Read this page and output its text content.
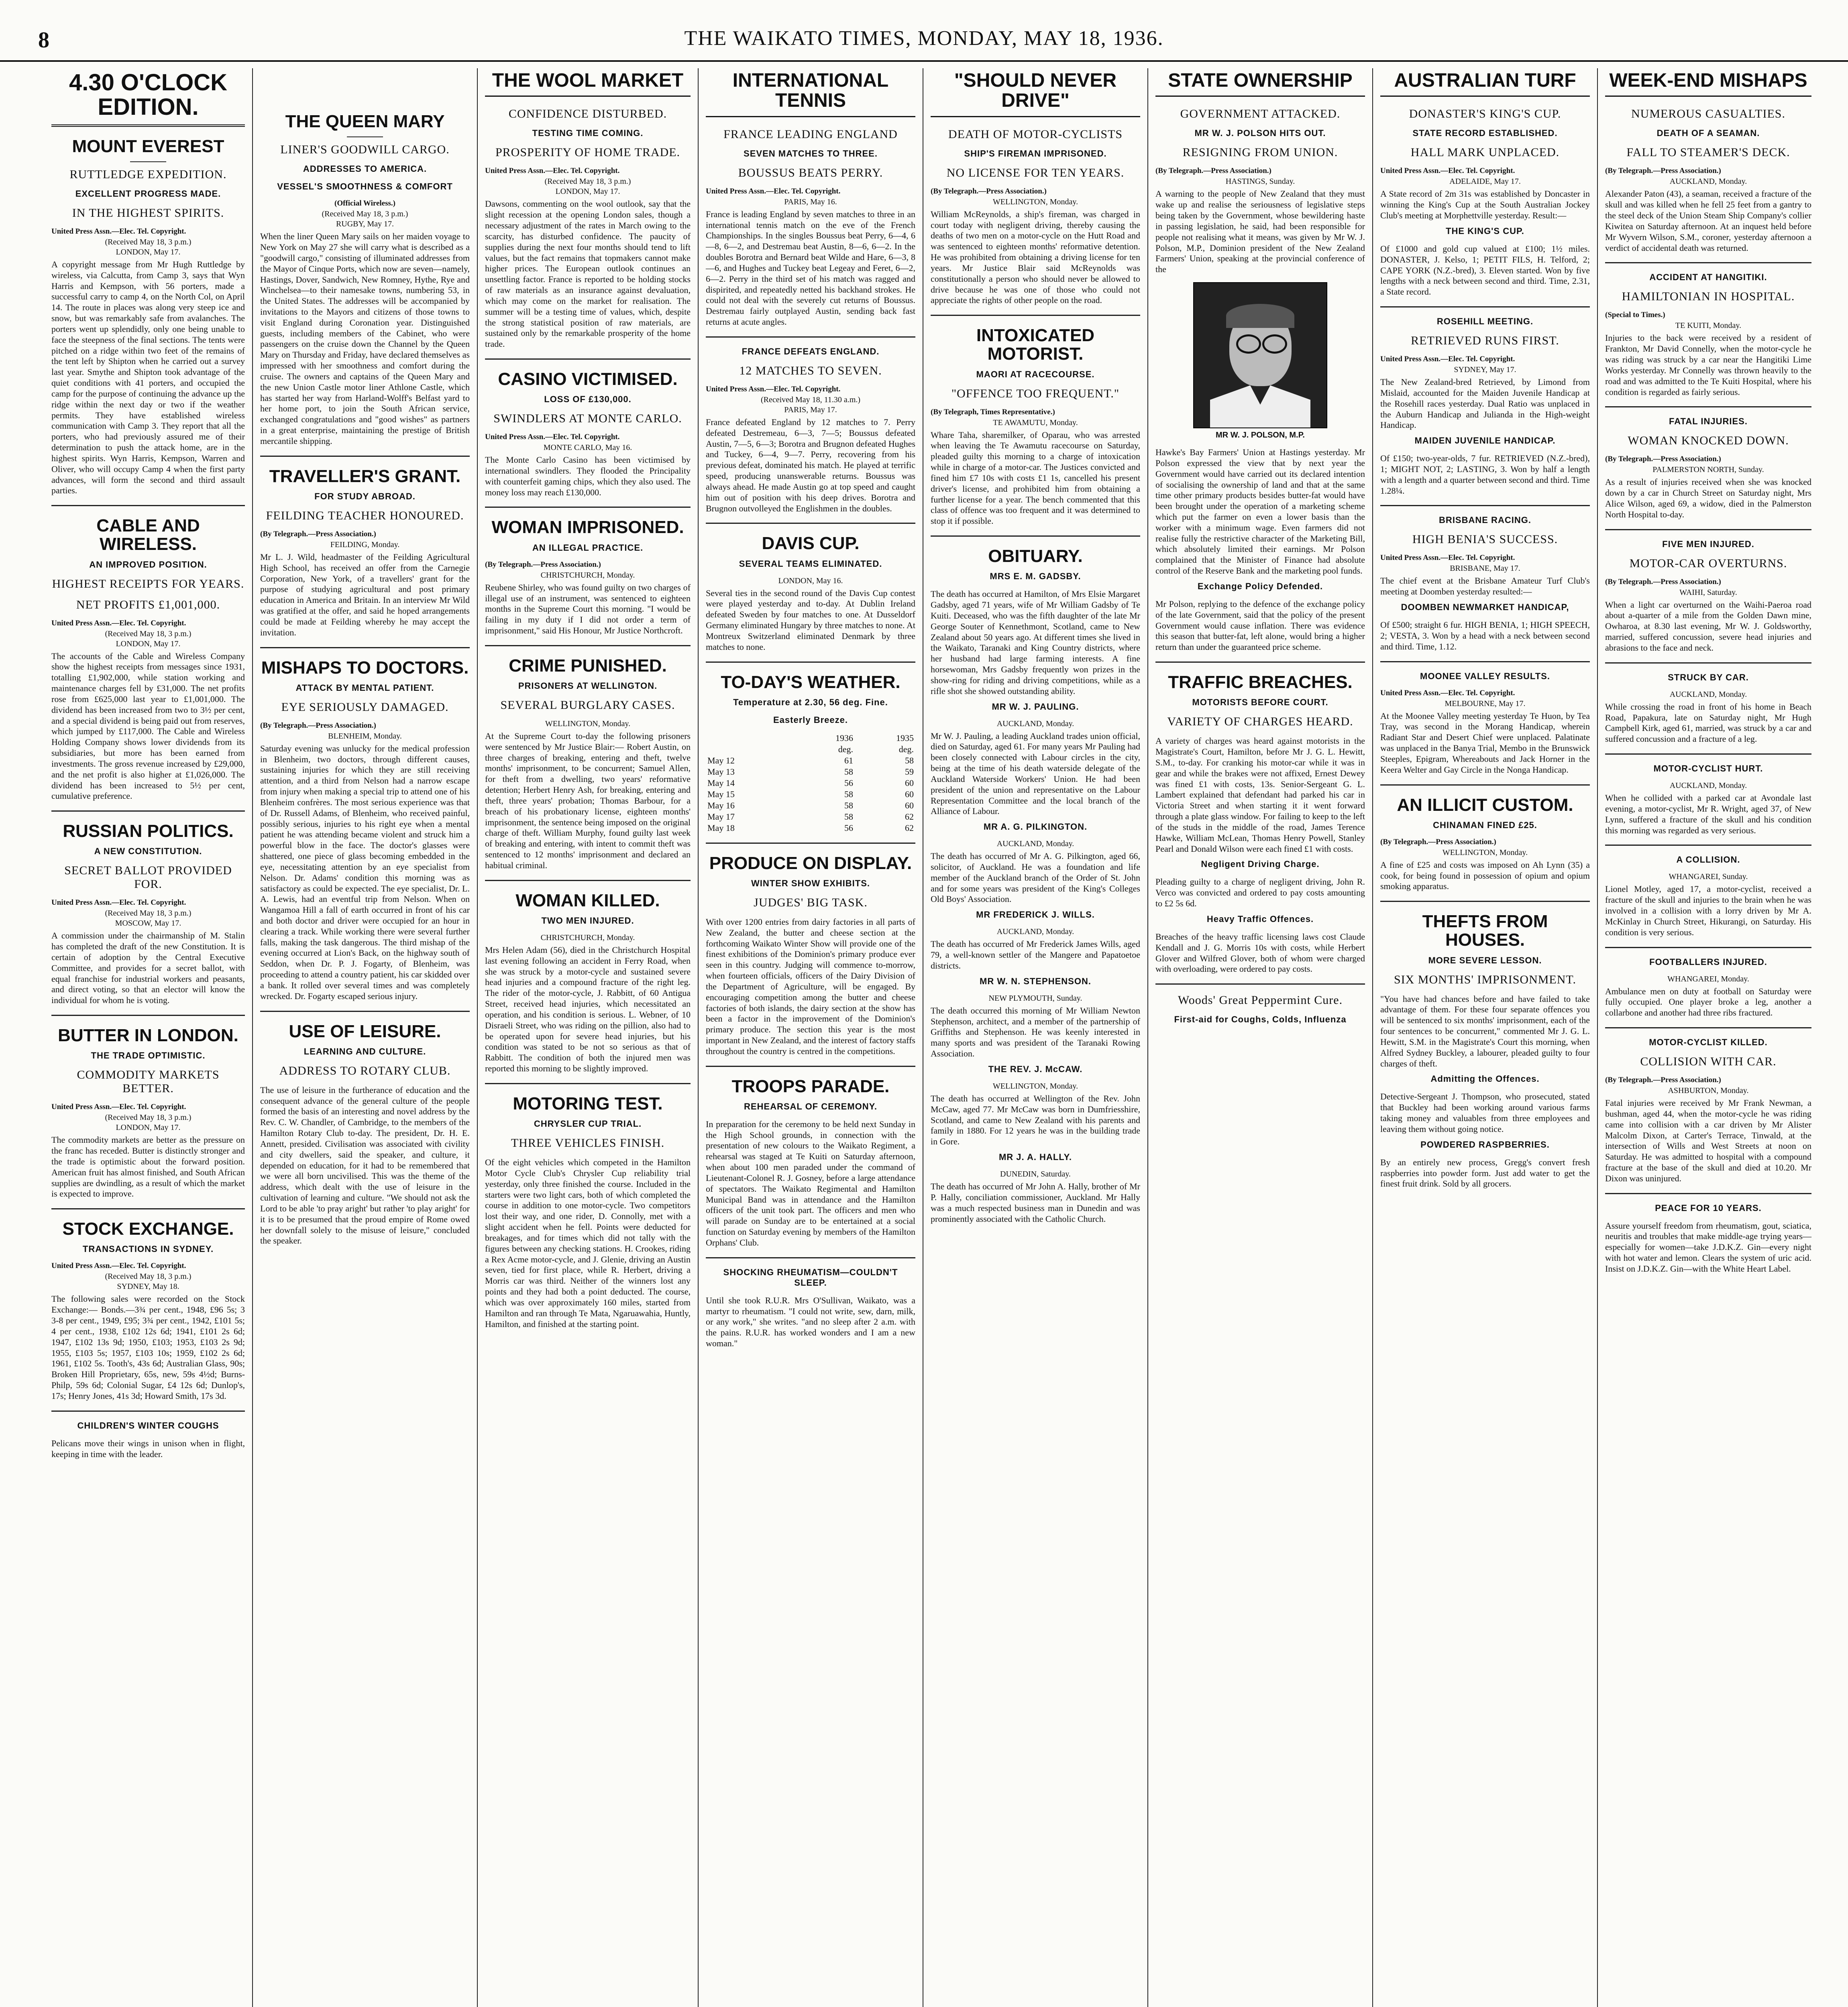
8	THE WAIKATO TIMES, MONDAY, MAY 18, 1936.
4.30 O'CLOCK EDITION.
MOUNT EVEREST
RUTTLEDGE EXPEDITION.
EXCELLENT PROGRESS MADE.
IN THE HIGHEST SPIRITS.
United Press Assn.—Elec. Tel. Copyright.
(Received May 18, 3 p.m.)
LONDON, May 17.

A copyright message from Mr Hugh Ruttledge by wireless, via Calcutta, from Camp 3, says that Wyn Harris and Kempson, with 56 porters, made a successful carry to camp 4, on the North Col, on April 14. The route in places was along very steep ice and snow, but was remarkably safe from avalanches. The porters went up splendidly, only one being unable to face the steepness of the final sections. The tents were pitched on a ridge within two feet of the remains of the tent left by Shipton when he carried out a survey last year. Smythe and Shipton took advantage of the quiet conditions with 41 porters, and occupied the camp for the purpose of continuing the advance up the ridge within the next day or two if the weather permits. They have established wireless communication with Camp 3. They report that all the porters, who had previously assured me of their determination to push the attack home, are in the highest spirits. Wyn Harris, Kempson, Warren and Oliver, who will occupy Camp 4 when the first party advances, will form the second and third assault parties.

CABLE AND WIRELESS.
AN IMPROVED POSITION.
HIGHEST RECEIPTS FOR YEARS.
NET PROFITS £1,001,000.
United Press Assn.—Elec. Tel. Copyright.
(Received May 18, 3 p.m.)
LONDON, May 17.

The accounts of the Cable and Wireless Company show the highest receipts from messages since 1931, totalling £1,902,000, while station working and maintenance charges fell by £31,000. The net profits rose from £625,000 last year to £1,001,000. The dividend has been increased from two to 3½ per cent, and a special dividend is being paid out from reserves, which jumped by £117,000. The Cable and Wireless Holding Company shows lower dividends from its subsidiaries, but more has been earned from investments. The gross revenue increased by £29,000, and the net profit is also higher at £1,026,000. The dividend has been increased to 5½ per cent, cumulative preference.

RUSSIAN POLITICS.
A NEW CONSTITUTION.
SECRET BALLOT PROVIDED FOR.
United Press Assn.—Elec. Tel. Copyright.
(Received May 18, 3 p.m.)
MOSCOW, May 17.

A commission under the chairmanship of M. Stalin has completed the draft of the new Constitution. It is certain of adoption by the Central Executive Committee, and provides for a secret ballot, with equal franchise for industrial workers and peasants, and direct voting, so that an elector will know the individual for whom he is voting.

BUTTER IN LONDON.
THE TRADE OPTIMISTIC.
COMMODITY MARKETS BETTER.
United Press Assn.—Elec. Tel. Copyright.
(Received May 18, 3 p.m.)
LONDON, May 17.

The commodity markets are better as the pressure on the franc has receded. Butter is distinctly stronger and the trade is optimistic about the forward position. American fruit has almost finished, and South African supplies are dwindling, as a result of which the market is expected to improve.

STOCK EXCHANGE.
TRANSACTIONS IN SYDNEY.
United Press Assn.—Elec. Tel. Copyright.
(Received May 18, 3 p.m.)
SYDNEY, May 18.

The following sales were recorded on the Stock Exchange:— Bonds.—3¾ per cent., 1948, £96 5s; 3 3-8 per cent., 1949, £95; 3¾ per cent., 1942, £101 5s; 4 per cent., 1938, £102 12s 6d; 1941, £101 2s 6d; 1947, £102 13s 9d; 1950, £103; 1953, £103 2s 9d; 1955, £103 5s; 1957, £103 10s; 1959, £102 2s 6d; 1961, £102 5s. Tooth's, 43s 6d; Australian Glass, 90s; Broken Hill Proprietary, 65s, new, 59s 4½d; Burns-Philp, 59s 6d; Colonial Sugar, £4 12s 6d; Dunlop's, 17s; Henry Jones, 41s 3d; Howard Smith, 17s 3d.

CHILDREN'S WINTER COUGHS

Pelicans move their wings in unison when in flight, keeping in time with the leader.

THE QUEEN MARY
LINER'S GOODWILL CARGO.
ADDRESSES TO AMERICA.
VESSEL'S SMOOTHNESS & COMFORT
(Official Wireless.)
(Received May 18, 3 p.m.)
RUGBY, May 17.

When the liner Queen Mary sails on her maiden voyage to New York on May 27 she will carry what is described as a "goodwill cargo," consisting of illuminated addresses from the Mayor of Cinque Ports, which now are seven—namely, Hastings, Dover, Sandwich, New Romney, Hythe, Rye and Winchelsea—to their namesake towns, numbering 53, in the United States. The addresses will be accompanied by invitations to the Mayors and citizens of those towns to visit England during Coronation year. Distinguished guests, including members of the Cabinet, who were passengers on the cruise down the Channel by the Queen Mary on Thursday and Friday, have declared themselves as impressed with her smoothness and comfort during the cruise. The owners and captains of the Queen Mary and the new Union Castle motor liner Athlone Castle, which has started her way from Harland-Wolff's Belfast yard to her home port, to join the South African service, exchanged congratulations and "good wishes" as partners in a great enterprise, maintaining the prestige of British mercantile shipping.

TRAVELLER'S GRANT.
FOR STUDY ABROAD.
FEILDING TEACHER HONOURED.
(By Telegraph.—Press Association.)
FEILDING, Monday.

Mr L. J. Wild, headmaster of the Feilding Agricultural High School, has received an offer from the Carnegie Corporation, New York, of a travellers' grant for the purpose of studying agricultural and post primary education in America and Britain. In an interview Mr Wild was gratified at the offer, and said he hoped arrangements could be made at Feilding whereby he may accept the invitation.

MISHAPS TO DOCTORS.
ATTACK BY MENTAL PATIENT.
EYE SERIOUSLY DAMAGED.
(By Telegraph.—Press Association.)
BLENHEIM, Monday.

Saturday evening was unlucky for the medical profession in Blenheim, two doctors, through different causes, sustaining injuries for which they are still receiving attention, and a third from Nelson had a narrow escape from injury when making a special trip to attend one of his Blenheim confrères. The most serious experience was that of Dr. Russell Adams, of Blenheim, who received painful, possibly serious, injuries to his right eye when a mental patient he was attending became violent and struck him a powerful blow in the face. The doctor's glasses were shattered, one piece of glass becoming embedded in the eye, necessitating attention by an eye specialist from Nelson. Dr. Adams' condition this morning was as satisfactory as could be expected. The eye specialist, Dr. L. A. Lewis, had an eventful trip from Nelson. When on Wangamoa Hill a fall of earth occurred in front of his car and both doctor and driver were occupied for an hour in clearing a track. While working there were several further falls, making the task dangerous. The third mishap of the evening occurred at Lion's Back, on the highway south of Seddon, when Dr. P. J. Fogarty, of Blenheim, was proceeding to attend a country patient, his car skidded over a bank. It rolled over several times and was completely wrecked. Dr. Fogarty escaped serious injury.

USE OF LEISURE.
LEARNING AND CULTURE.
ADDRESS TO ROTARY CLUB.

The use of leisure in the furtherance of education and the consequent advance of the general culture of the people formed the basis of an interesting and novel address by the Rev. C. W. Chandler, of Cambridge, to the members of the Hamilton Rotary Club to-day. The president, Dr. H. E. Annett, presided. Civilisation was associated with civility and city dwellers, said the speaker, and culture, it depended on education, for it had to be remembered that we were all born uncivilised. This was the theme of the address, which dealt with the use of leisure in the cultivation of learning and culture. "We should not ask the Lord to be able 'to pray aright' but rather 'to play aright' for it is to be presumed that the proud empire of Rome owed her downfall solely to the misuse of leisure," concluded the speaker.

THE WOOL MARKET
CONFIDENCE DISTURBED.
TESTING TIME COMING.
PROSPERITY OF HOME TRADE.
United Press Assn.—Elec. Tel. Copyright.
(Received May 18, 3 p.m.)
LONDON, May 17.

Dawsons, commenting on the wool outlook, say that the slight recession at the opening London sales, though a necessary adjustment of the rates in March owing to the scarcity, has disturbed confidence. The paucity of supplies during the next four months should tend to lift values, but the fact remains that topmakers cannot make higher prices. The European outlook continues an unsettling factor. France is reported to be holding stocks of raw materials as an insurance against devaluation, which may come on the market for realisation. The summer will be a testing time of values, which, despite the strong statistical position of raw materials, are sustained only by the remarkable prosperity of the home trade.

CASINO VICTIMISED.
LOSS OF £130,000.
SWINDLERS AT MONTE CARLO.
United Press Assn.—Elec. Tel. Copyright.
MONTE CARLO, May 16.

The Monte Carlo Casino has been victimised by international swindlers. They flooded the Principality with counterfeit gaming chips, which they also used. The money loss may reach £130,000.

WOMAN IMPRISONED.
AN ILLEGAL PRACTICE.
(By Telegraph.—Press Association.)
CHRISTCHURCH, Monday.

Reubene Shirley, who was found guilty on two charges of illegal use of an instrument, was sentenced to eighteen months in the Supreme Court this morning. "I would be failing in my duty if I did not order a term of imprisonment," said His Honour, Mr Justice Northcroft.

CRIME PUNISHED.
PRISONERS AT WELLINGTON.
SEVERAL BURGLARY CASES.
WELLINGTON, Monday.

At the Supreme Court to-day the following prisoners were sentenced by Mr Justice Blair:— Robert Austin, on three charges of breaking, entering and theft, twelve months' imprisonment, to be concurrent; Samuel Allen, for theft from a dwelling, two years' reformative detention; Herbert Henry Ash, for breaking, entering and theft, three years' probation; Thomas Barbour, for a breach of his probationary license, eighteen months' imprisonment, the sentence being imposed on the original charge of theft. William Murphy, found guilty last week of breaking and entering, with intent to commit theft was sentenced to 12 months' imprisonment and declared an habitual criminal.

WOMAN KILLED.
TWO MEN INJURED.
CHRISTCHURCH, Monday.

Mrs Helen Adam (56), died in the Christchurch Hospital last evening following an accident in Ferry Road, when she was struck by a motor-cycle and sustained severe head injuries and a compound fracture of the right leg. The rider of the motor-cycle, J. Rabbitt, of 60 Antigua Street, received head injuries, which necessitated an operation, and his condition is serious. L. Webner, of 10 Disraeli Street, who was riding on the pillion, also had to be operated upon for severe head injuries, but his condition was stated to be not so serious as that of Rabbitt. The condition of both the injured men was reported this morning to be slightly improved.

MOTORING TEST.
CHRYSLER CUP TRIAL.
THREE VEHICLES FINISH.

Of the eight vehicles which competed in the Hamilton Motor Cycle Club's Chrysler Cup reliability trial yesterday, only three finished the course. Included in the starters were two light cars, both of which completed the course in addition to one motor-cycle. Two competitors lost their way, and one rider, D. Connolly, met with a slight accident when he fell. Points were deducted for breakages, and for times which did not tally with the figures between any checking stations. H. Crookes, riding a Rex Acme motor-cycle, and J. Glenie, driving an Austin seven, tied for first place, while R. Herbert, driving a Morris car was third. Neither of the winners lost any points and they had both a point deducted. The course, which was over approximately 160 miles, started from Hamilton and ran through Te Mata, Ngaruawahia, Huntly, Hamilton, and finished at the starting point.

INTERNATIONAL TENNIS
FRANCE LEADING ENGLAND
SEVEN MATCHES TO THREE.
BOUSSUS BEATS PERRY.
United Press Assn.—Elec. Tel. Copyright.
PARIS, May 16.

France is leading England by seven matches to three in an international tennis match on the eve of the French Championships. In the singles Boussus beat Perry, 6—4, 6—8, 6—2, and Destremau beat Austin, 8—6, 6—2. In the doubles Borotra and Bernard beat Wilde and Hare, 6—3, 8—6, and Hughes and Tuckey beat Legeay and Feret, 6—2, 6—2. Perry in the third set of his match was ragged and dispirited, and repeatedly netted his backhand strokes. He could not deal with the severely cut returns of Boussus. Destremau fairly outplayed Austin, sending back fast returns at acute angles.

FRANCE DEFEATS ENGLAND.
12 MATCHES TO SEVEN.
United Press Assn.—Elec. Tel. Copyright.
(Received May 18, 11.30 a.m.)
PARIS, May 17.

France defeated England by 12 matches to 7. Perry defeated Destremeau, 6—3, 7—5; Boussus defeated Austin, 7—5, 6—3; Borotra and Brugnon defeated Hughes and Tuckey, 6—4, 9—7. Perry, recovering from his previous defeat, dominated his match. He played at terrific speed, producing unanswerable returns. Boussus was always ahead. He made Austin go at top speed and caught him out of position with his deep drives. Borotra and Brugnon outvolleyed the Englishmen in the doubles.

DAVIS CUP.
SEVERAL TEAMS ELIMINATED.
LONDON, May 16.

Several ties in the second round of the Davis Cup contest were played yesterday and to-day. At Dublin Ireland defeated Sweden by four matches to one. At Dusseldorf Germany eliminated Hungary by three matches to none. At Montreux Switzerland eliminated Denmark by three matches to none.

TO-DAY'S WEATHER.
Temperature at 2.30, 56 deg. Fine.
Easterly Breeze.
	1936	1935
	deg.	deg.
May 12	61	58
May 13	58	59
May 14	56	60
May 15	58	60
May 16	58	60
May 17	58	62
May 18	56	62
PRODUCE ON DISPLAY.
WINTER SHOW EXHIBITS.
JUDGES' BIG TASK.

With over 1200 entries from dairy factories in all parts of New Zealand, the butter and cheese section at the forthcoming Waikato Winter Show will provide one of the finest exhibitions of the Dominion's primary produce ever seen in this country. Judging will commence to-morrow, when fourteen officials, officers of the Dairy Division of the Department of Agriculture, will be engaged. By encouraging competition among the butter and cheese factories of both islands, the dairy section at the show has been a factor in the improvement of the Dominion's primary produce. The section this year is the most important in New Zealand, and the interest of factory staffs throughout the country is centred in the competitions.

TROOPS PARADE.
REHEARSAL OF CEREMONY.

In preparation for the ceremony to be held next Sunday in the High School grounds, in connection with the presentation of new colours to the Waikato Regiment, a rehearsal was staged at Te Kuiti on Saturday afternoon, when about 100 men paraded under the command of Lieutenant-Colonel R. J. Gosney, before a large attendance of spectators. The Waikato Regimental and Hamilton Municipal Band was in attendance and the Hamilton officers of the unit took part. The officers and men who will parade on Sunday are to be entertained at a social function on Saturday evening by members of the Hamilton Orphans' Club.

SHOCKING RHEUMATISM—COULDN'T SLEEP.

Until she took R.U.R. Mrs O'Sullivan, Waikato, was a martyr to rheumatism. "I could not write, sew, darn, milk, or any work," she writes. "and no sleep after 2 a.m. with the pains. R.U.R. has worked wonders and I am a new woman."

"SHOULD NEVER DRIVE"
DEATH OF MOTOR-CYCLISTS
SHIP'S FIREMAN IMPRISONED.
NO LICENSE FOR TEN YEARS.
(By Telegraph.—Press Association.)
WELLINGTON, Monday.

William McReynolds, a ship's fireman, was charged in court today with negligent driving, thereby causing the deaths of two men on a motor-cycle on the Hutt Road and was sentenced to eighteen months' reformative detention. He was prohibited from obtaining a driving license for ten years. Mr Justice Blair said McReynolds was constitutionally a person who should never be allowed to drive because he was one of those who could not appreciate the rights of other people on the road.

INTOXICATED MOTORIST.
MAORI AT RACECOURSE.
"OFFENCE TOO FREQUENT."
(By Telegraph, Times Representative.)
TE AWAMUTU, Monday.

Whare Taha, sharemilker, of Oparau, who was arrested when leaving the Te Awamutu racecourse on Saturday, pleaded guilty this morning to a charge of intoxication while in charge of a motor-car. The Justices convicted and fined him £7 10s with costs £1 1s, cancelled his present driver's license, and prohibited him from obtaining a further license for a year. The bench commented that this class of offence was too frequent and it was determined to stop it if possible.

OBITUARY.
MRS E. M. GADSBY.

The death has occurred at Hamilton, of Mrs Elsie Margaret Gadsby, aged 71 years, wife of Mr William Gadsby of Te Kuiti. Deceased, who was the fifth daughter of the late Mr George Souter of Kennethmont, Scotland, came to New Zealand about 50 years ago. At different times she lived in the Waikato, Taranaki and King Country districts, where her husband had large farming interests. A fine horsewoman, Mrs Gadsby frequently won prizes in the show-ring for riding and driving competitions, while as a rifle shot she showed outstanding ability.

MR W. J. PAULING.
AUCKLAND, Monday.

Mr W. J. Pauling, a leading Auckland trades union official, died on Saturday, aged 61. For many years Mr Pauling had been closely connected with Labour circles in the city, being at the time of his death waterside delegate of the Auckland Waterside Workers' Union. He had been president of the union and representative on the Labour Representation Committee and the local branch of the Alliance of Labour.

MR A. G. PILKINGTON.
AUCKLAND, Monday.

The death has occurred of Mr A. G. Pilkington, aged 66, solicitor, of Auckland. He was a foundation and life member of the Auckland branch of the Order of St. John and for some years was president of the King's Colleges Old Boys' Association.

MR FREDERICK J. WILLS.
AUCKLAND, Monday.

The death has occurred of Mr Frederick James Wills, aged 79, a well-known settler of the Mangere and Papatoetoe districts.

MR W. N. STEPHENSON.
NEW PLYMOUTH, Sunday.

The death occurred this morning of Mr William Newton Stephenson, architect, and a member of the partnership of Griffiths and Stephenson. He was keenly interested in many sports and was president of the Taranaki Rowing Association.

THE REV. J. McCAW.
WELLINGTON, Monday.

The death has occurred at Wellington of the Rev. John McCaw, aged 77. Mr McCaw was born in Dumfriesshire, Scotland, and came to New Zealand with his parents and family in 1880. For 12 years he was in the building trade in Gore.

MR J. A. HALLY.
DUNEDIN, Saturday.

The death has occurred of Mr John A. Hally, brother of Mr P. Hally, conciliation commissioner, Auckland. Mr Hally was a much respected business man in Dunedin and was prominently associated with the Catholic Church.

STATE OWNERSHIP
GOVERNMENT ATTACKED.
MR W. J. POLSON HITS OUT.
RESIGNING FROM UNION.
(By Telegraph.—Press Association.)
HASTINGS, Sunday.

A warning to the people of New Zealand that they must wake up and realise the seriousness of legislative steps being taken by the Government, whose bewildering haste in passing legislation, he said, had been responsible for people not realising what it means, was given by Mr W. J. Polson, M.P., Dominion president of the New Zealand Farmers' Union, speaking at the provincial conference of the

MR W. J. POLSON, M.P.

Hawke's Bay Farmers' Union at Hastings yesterday. Mr Polson expressed the view that by next year the Government would have carried out its declared intention of socialising the ownership of land and that at the same time other primary products besides butter-fat would have been brought under the operation of a marketing scheme which put the farmer on even a lower basis than the worker with a minimum wage. Even farmers did not realise fully the restrictive character of the Marketing Bill, which absolutely limited their earnings. Mr Polson complained that the Minister of Finance had absolute control of the Reserve Bank and the marketing pool funds.

Exchange Policy Defended.

Mr Polson, replying to the defence of the exchange policy of the late Government, said that the policy of the present Government would cause inflation. There was evidence this season that butter-fat, left alone, would bring a higher return than under the guaranteed price scheme.

TRAFFIC BREACHES.
MOTORISTS BEFORE COURT.
VARIETY OF CHARGES HEARD.

A variety of charges was heard against motorists in the Magistrate's Court, Hamilton, before Mr J. G. L. Hewitt, S.M., to-day. For cranking his motor-car while it was in gear and while the brakes were not affixed, Ernest Dewey was fined £1 with costs, 13s. Senior-Sergeant G. L. Lambert explained that defendant had parked his car in Victoria Street and when starting it it went forward through a plate glass window. For failing to keep to the left of the studs in the middle of the road, James Terence Hawke, William McLean, Thomas Henry Powell, Stanley Pearl and Donald Wilson were each fined £1 with costs.

Negligent Driving Charge.

Pleading guilty to a charge of negligent driving, John R. Verco was convicted and ordered to pay costs amounting to £2 5s 6d.

Heavy Traffic Offences.

Breaches of the heavy traffic licensing laws cost Claude Kendall and J. G. Morris 10s with costs, while Herbert Glover and Wilfred Glover, both of whom were charged with overloading, were ordered to pay costs.

Woods' Great Peppermint Cure.
First-aid for Coughs, Colds, Influenza
AUSTRALIAN TURF
DONASTER'S KING'S CUP.
STATE RECORD ESTABLISHED.
HALL MARK UNPLACED.
United Press Assn.—Elec. Tel. Copyright.
ADELAIDE, May 17.

A State record of 2m 31s was established by Doncaster in winning the King's Cup at the South Australian Jockey Club's meeting at Morphettville yesterday. Result:—

THE KING'S CUP.

Of £1000 and gold cup valued at £100; 1½ miles. DONASTER, J. Kelso, 1; PETIT FILS, H. Telford, 2; CAPE YORK (N.Z.-bred), 3. Eleven started. Won by five lengths with a neck between second and third. Time, 2.31, a State record.

ROSEHILL MEETING.
RETRIEVED RUNS FIRST.
United Press Assn.—Elec. Tel. Copyright.
SYDNEY, May 17.

The New Zealand-bred Retrieved, by Limond from Mislaid, accounted for the Maiden Juvenile Handicap at the Rosehill races yesterday. Dual Ratio was unplaced in the Auburn Handicap and Julianda in the High-weight Handicap.

MAIDEN JUVENILE HANDICAP.

Of £150; two-year-olds, 7 fur. RETRIEVED (N.Z.-bred), 1; MIGHT NOT, 2; LASTING, 3. Won by half a length with a length and a quarter between second and third. Time 1.28¼.

BRISBANE RACING.
HIGH BENIA'S SUCCESS.
United Press Assn.—Elec. Tel. Copyright.
BRISBANE, May 17.

The chief event at the Brisbane Amateur Turf Club's meeting at Doomben yesterday resulted:—

DOOMBEN NEWMARKET HANDICAP,

Of £500; straight 6 fur. HIGH BENIA, 1; HIGH SPEECH, 2; VESTA, 3. Won by a head with a neck between second and third. Time, 1.12.

MOONEE VALLEY RESULTS.
United Press Assn.—Elec. Tel. Copyright.
MELBOURNE, May 17.

At the Moonee Valley meeting yesterday Te Huon, by Tea Tray, was second in the Morang Handicap, wherein Radiant Star and Desert Chief were unplaced. Palatinate was unplaced in the Banya Trial, Membo in the Brunswick Steeples, Epigram, Whereabouts and Jack Horner in the Keera Welter and Gay Circle in the Nonga Handicap.

AN ILLICIT CUSTOM.
CHINAMAN FINED £25.
(By Telegraph.—Press Association.)
WELLINGTON, Monday.

A fine of £25 and costs was imposed on Ah Lynn (35) a cook, for being found in possession of opium and opium smoking apparatus.

THEFTS FROM HOUSES.
MORE SEVERE LESSON.
SIX MONTHS' IMPRISONMENT.

"You have had chances before and have failed to take advantage of them. For these four separate offences you will be sentenced to six months' imprisonment, each of the four sentences to be concurrent," commented Mr J. G. L. Hewitt, S.M. in the Magistrate's Court this morning, when Alfred Sydney Buckley, a labourer, pleaded guilty to four charges of theft.

Admitting the Offences.

Detective-Sergeant J. Thompson, who prosecuted, stated that Buckley had been working around various farms taking money and valuables from three employees and leaving them without going notice.

POWDERED RASPBERRIES.

By an entirely new process, Gregg's convert fresh raspberries into powder form. Just add water to get the finest fruit drink. Sold by all grocers.

WEEK-END MISHAPS
NUMEROUS CASUALTIES.
DEATH OF A SEAMAN.
FALL TO STEAMER'S DECK.
(By Telegraph.—Press Association.)
AUCKLAND, Monday.

Alexander Paton (43), a seaman, received a fracture of the skull and was killed when he fell 25 feet from a gantry to the steel deck of the Union Steam Ship Company's collier Kiwitea on Saturday afternoon. At an inquest held before Mr Wyvern Wilson, S.M., coroner, yesterday afternoon a verdict of accidental death was returned.

ACCIDENT AT HANGITIKI.
HAMILTONIAN IN HOSPITAL.
(Special to Times.)
TE KUITI, Monday.

Injuries to the back were received by a resident of Frankton, Mr David Connelly, when the motor-cycle he was riding was struck by a car near the Hangitiki Lime Works yesterday. Mr Connelly was thrown heavily to the road and was admitted to the Te Kuiti Hospital, where his condition is regarded as fairly serious.

FATAL INJURIES.
WOMAN KNOCKED DOWN.
(By Telegraph.—Press Association.)
PALMERSTON NORTH, Sunday.

As a result of injuries received when she was knocked down by a car in Church Street on Saturday night, Mrs Alice Wilson, aged 69, a widow, died in the Palmerston North Hospital to-day.

FIVE MEN INJURED.
MOTOR-CAR OVERTURNS.
(By Telegraph.—Press Association.)
WAIHI, Saturday.

When a light car overturned on the Waihi-Paeroa road about a-quarter of a mile from the Golden Dawn mine, Owharoa, at 8.30 last evening, Mr W. J. Goldsworthy, married, suffered concussion, severe head injuries and abrasions to the face and neck.

STRUCK BY CAR.
AUCKLAND, Monday.

While crossing the road in front of his home in Beach Road, Papakura, late on Saturday night, Mr Hugh Campbell Kirk, aged 61, married, was struck by a car and suffered concussion and a fracture of a leg.

MOTOR-CYCLIST HURT.
AUCKLAND, Monday.

When he collided with a parked car at Avondale last evening, a motor-cyclist, Mr R. Wright, aged 37, of New Lynn, suffered a fracture of the skull and his condition this morning was regarded as very serious.

A COLLISION.
WHANGAREI, Sunday.

Lionel Motley, aged 17, a motor-cyclist, received a fracture of the skull and injuries to the brain when he was involved in a collision with a lorry driven by Mr A. McKinlay in Church Street, Hikurangi, on Saturday. His condition is very serious.

FOOTBALLERS INJURED.
WHANGAREI, Monday.

Ambulance men on duty at football on Saturday were fully occupied. One player broke a leg, another a collarbone and another had three ribs fractured.

MOTOR-CYCLIST KILLED.
COLLISION WITH CAR.
(By Telegraph.—Press Association.)
ASHBURTON, Monday.

Fatal injuries were received by Mr Frank Newman, a bushman, aged 44, when the motor-cycle he was riding came into collision with a car driven by Mr Alister Malcolm Dixon, at Carter's Terrace, Tinwald, at the intersection of Wills and West Streets at noon on Saturday. He was admitted to hospital with a compound fracture at the base of the skull and died at 10.20. Mr Dixon was uninjured.

PEACE FOR 10 YEARS.

Assure yourself freedom from rheumatism, gout, sciatica, neuritis and troubles that make middle-age trying years—especially for women—take J.D.K.Z. Gin—every night with hot water and lemon. Clears the system of uric acid. Insist on J.D.K.Z. Gin—with the White Heart Label.
